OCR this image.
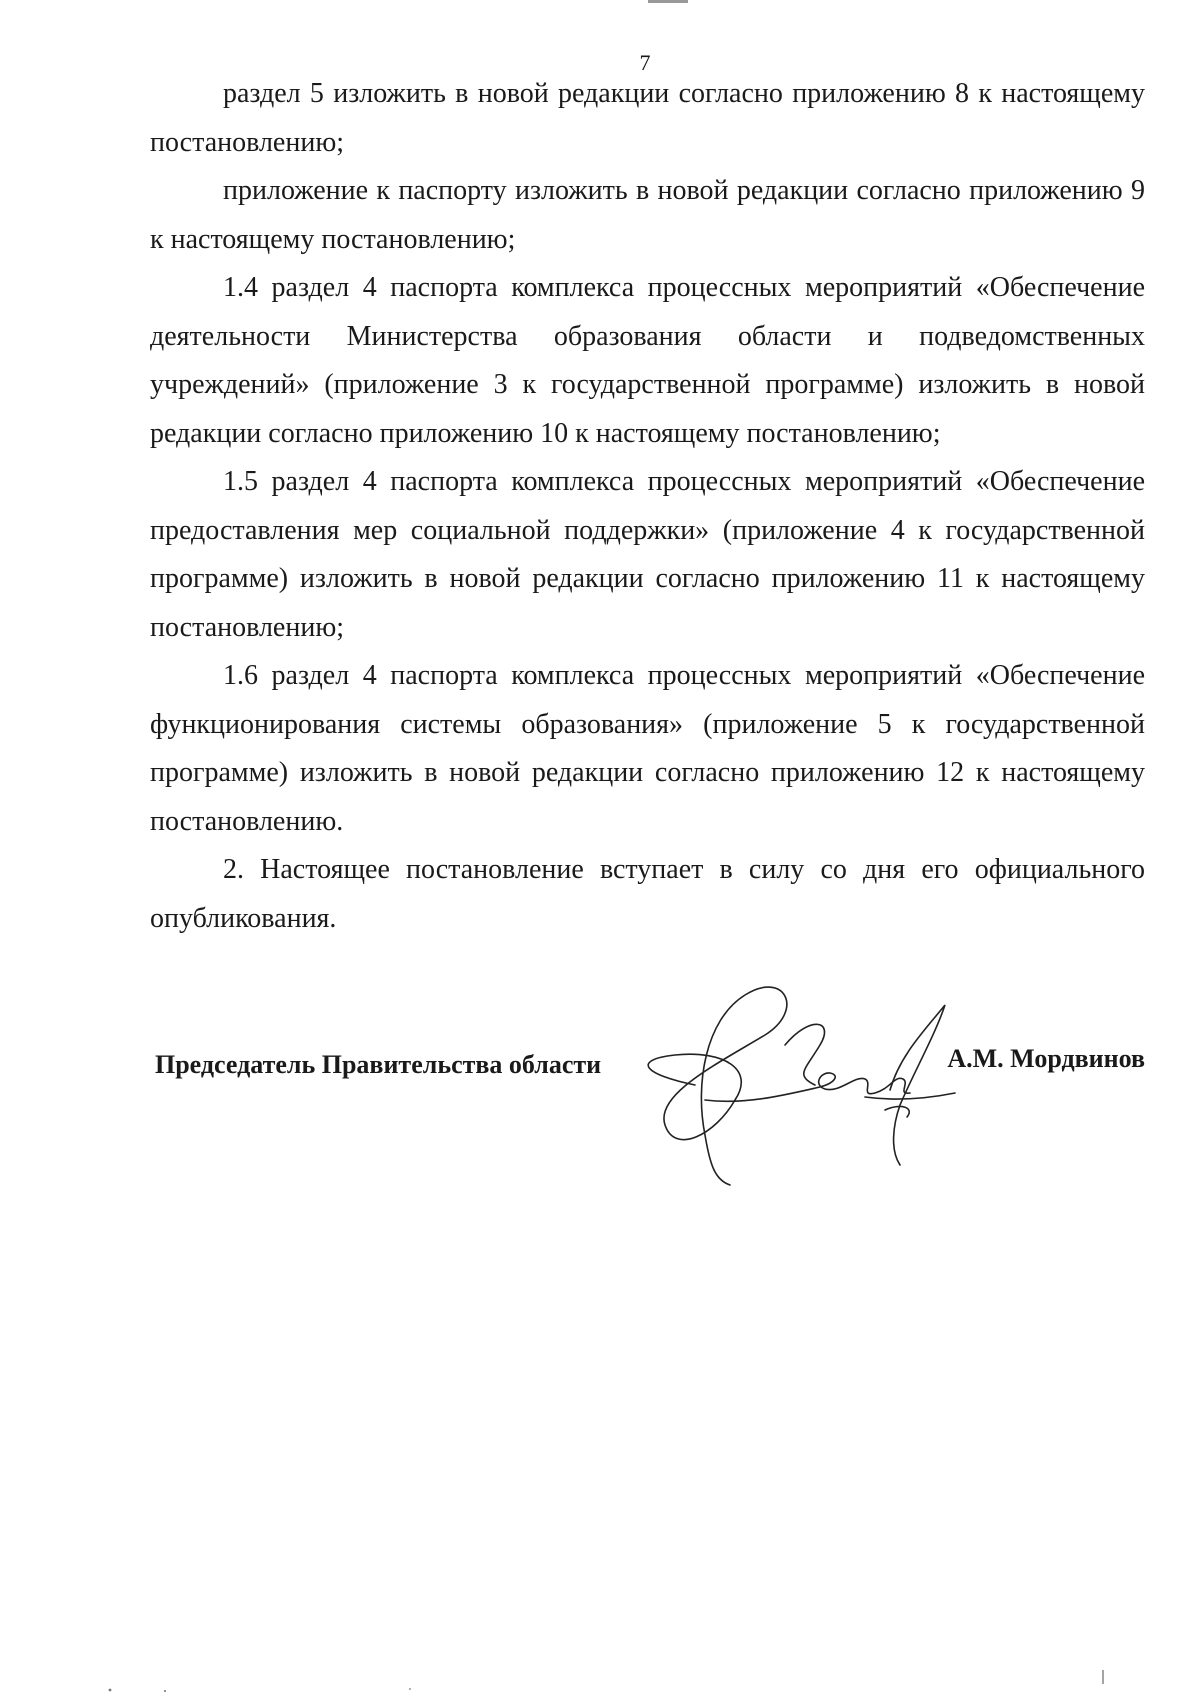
7

раздел 5 изложить в новой редакции согласно приложению 8 к настоящему постановлению;

приложение к паспорту изложить в новой редакции согласно приложению 9 к настоящему постановлению;

1.4 раздел 4 паспорта комплекса процессных мероприятий «Обеспечение деятельности Министерства образования области и подведомственных учреждений» (приложение 3 к государственной программе) изложить в новой редакции согласно приложению 10 к настоящему постановлению;

1.5 раздел 4 паспорта комплекса процессных мероприятий «Обеспечение предоставления мер социальной поддержки» (приложение 4 к государственной программе) изложить в новой редакции согласно приложению 11 к настоящему постановлению;

1.6 раздел 4 паспорта комплекса процессных мероприятий «Обеспечение функционирования системы образования» (приложение 5 к государственной программе) изложить в новой редакции согласно приложению 12 к настоящему постановлению.

2. Настоящее постановление вступает в силу со дня его официального опубликования.

Председатель Правительства области	А.М. Мордвинов
